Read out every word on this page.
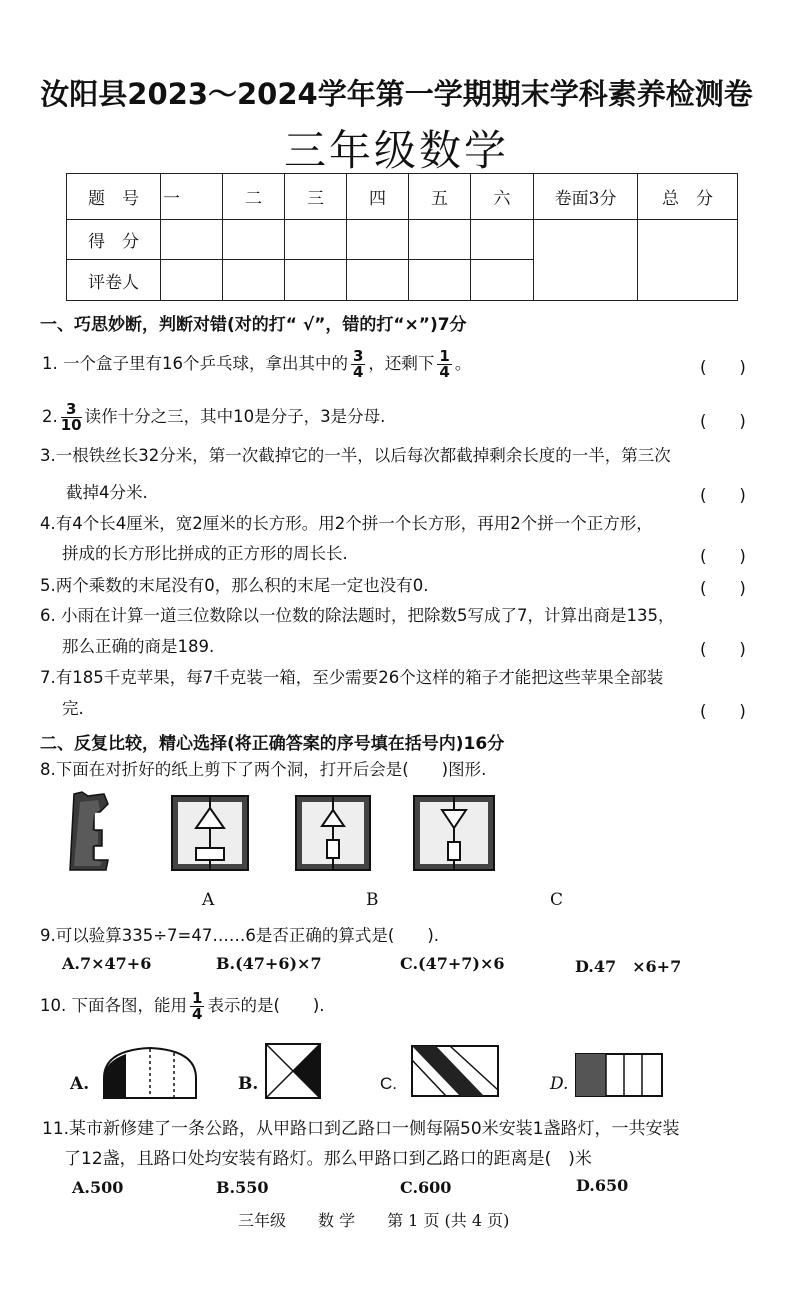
汝阳县2023～2024学年第一学期期末学科素养检测卷
三年级数学
题　号	一	二	三	四	五	六	卷面3分	总　分
得　分								
评卷人								
一、巧思妙断，判断对错(对的打“ √”，错的打“×”)7分
1. 一个盒子里有16个乒乓球，拿出其中的 $\frac{3}{4}$ ，还剩下 $\frac{1}{4}$ 。	(　　)
2. $\frac{3}{10}$ 读作十分之三，其中10是分子，3是分母.	(　　)
3.一根铁丝长32分米，第一次截掉它的一半，以后每次都截掉剩余长度的一半，第三次
截掉4分米.	(　　)
4.有4个长4厘米，宽2厘米的长方形。用2个拼一个长方形，再用2个拼一个正方形，
拼成的长方形比拼成的正方形的周长长.	(　　)
5.两个乘数的末尾没有0，那么积的末尾一定也没有0.	(　　)
6. 小雨在计算一道三位数除以一位数的除法题时，把除数5写成了7，计算出商是135，
那么正确的商是189.	(　　)
7.有185千克苹果，每7千克装一箱，至少需要26个这样的箱子才能把这些苹果全部装
完.	(　　)
二、反复比较，精心选择(将正确答案的序号填在括号内)16分
8.下面在对折好的纸上剪下了两个洞，打开后会是(　　)图形.
A	B	C
9.可以验算335÷7=47……6是否正确的算式是(　　).
A.7×47+6	B.(47+6)×7	C.(47+7)×6	D.47　×6+7
10. 下面各图，能用 $\frac{1}{4}$ 表示的是(　　).
A.	B.	C.	D.
11.某市新修建了一条公路，从甲路口到乙路口一侧每隔50米安装1盏路灯，一共安装
了12盏，且路口处均安装有路灯。那么甲路口到乙路口的距离是(　)米
A.500	B.550	C.600	D.650
三年级　　数 学　　第 1 页 (共 4 页)
